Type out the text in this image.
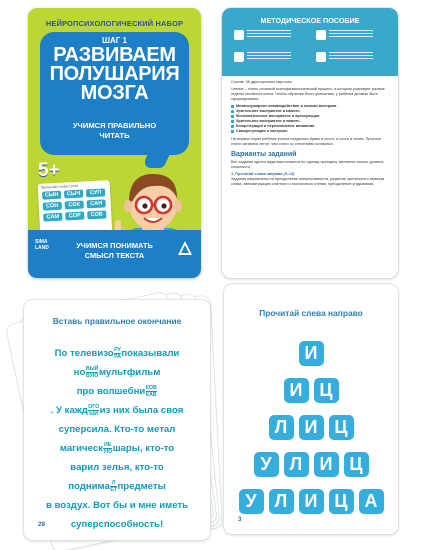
НЕЙРОПСИХОЛОГИЧЕСКИЙ НАБОР
ШАГ 1
РАЗВИВАЕМ
ПОЛУШАРИЯ
МОЗГА
УЧИМСЯ ПРАВИЛЬНО
ЧИТАТЬ
5+
Прочитай слова-слоги
СЫН	СЫЧ	СУП
СОН	СОК	САН
САМ	СОР	СОВ
SIMA
LAND	УЧИМСЯ ПОНИМАТЬ
СМЫСЛ ТЕКСТА
МЕТОДИЧЕСКОЕ ПОСОБИЕ
Состав: 35 двусторонних карточек.
Чтение – очень сложный психофизиологический процесс, в котором участвуют разные отделы головного мозга. Чтобы обучение было успешным, у ребёнка должны быть сформированы:
Межполушарное взаимодействие и мелкая моторика
Зрительное восприятие и память
Фонематическое восприятие и артикуляция
Зрительное восприятие и память
Концентрация и переключение внимания
Саморегуляция и контроль
На первых порах ребёнок учится соединять буквы в слоги, а слоги в слова. Простые слоги читаются легче, чем слоги со стечением согласных.
Варианты заданий
Все задания одного вида выполняются по одному принципу, меняется только уровень сложности.
1. Прочитай слова направо (5–13)
Задания направлены на преодоление импульсивности, развитие зрительного анализа слова, автоматизацию слитного и послогового чтения, преодоление угадывания.
Вставь правильное окончание
По телевизо $\frac{РУ}{РА}$ показывали
но $\frac{\text{ВЫЙ}}{\text{ВУЮ}}$ мультфильм
про волшебни $\frac{\text{КОВ}}{\text{КАВ}}$
. У кажд $\frac{\text{ОГО}}{ЫЙ}$ из них была своя
суперсила. Кто-то метал
магическ $\frac{ИЕ}{УЮ}$ шары, кто-то
варил зелья, кто-то
поднима $\frac{Л}{ЕТ}$ предметы
в воздух. Вот бы и мне иметь
суперспособность!
28
Прочитай слева направо
И
И Ц
Л И Ц
У	Л И Ц
У	Л И Ц А
3
